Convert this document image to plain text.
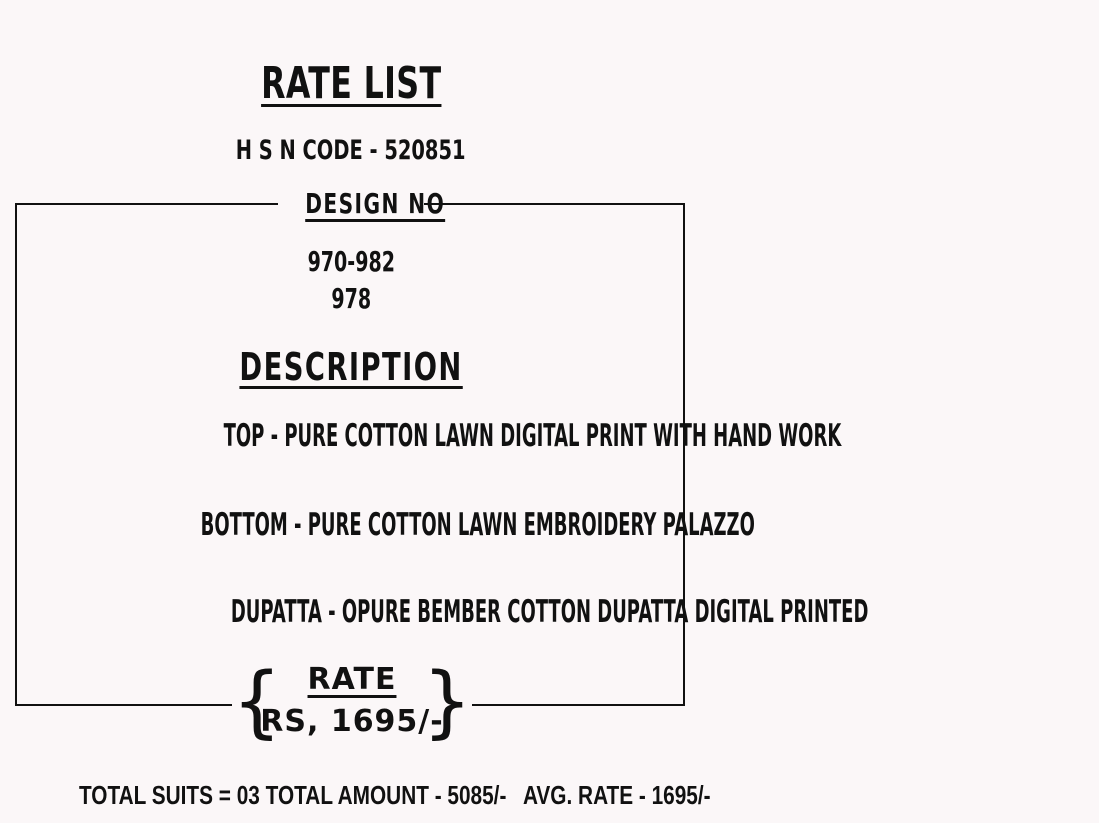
RATE LIST
H S N CODE - 520851
DESIGN NO
970-982
978
DESCRIPTION
TOP - PURE COTTON LAWN DIGITAL PRINT WITH HAND WORK
BOTTOM - PURE COTTON LAWN EMBROIDERY PALAZZO
DUPATTA - OPURE BEMBER COTTON DUPATTA DIGITAL PRINTED
{ RATE
RS, 1695/-
}
TOTAL SUITS = 03 TOTAL AMOUNT - 5085/-   AVG. RATE - 1695/-
